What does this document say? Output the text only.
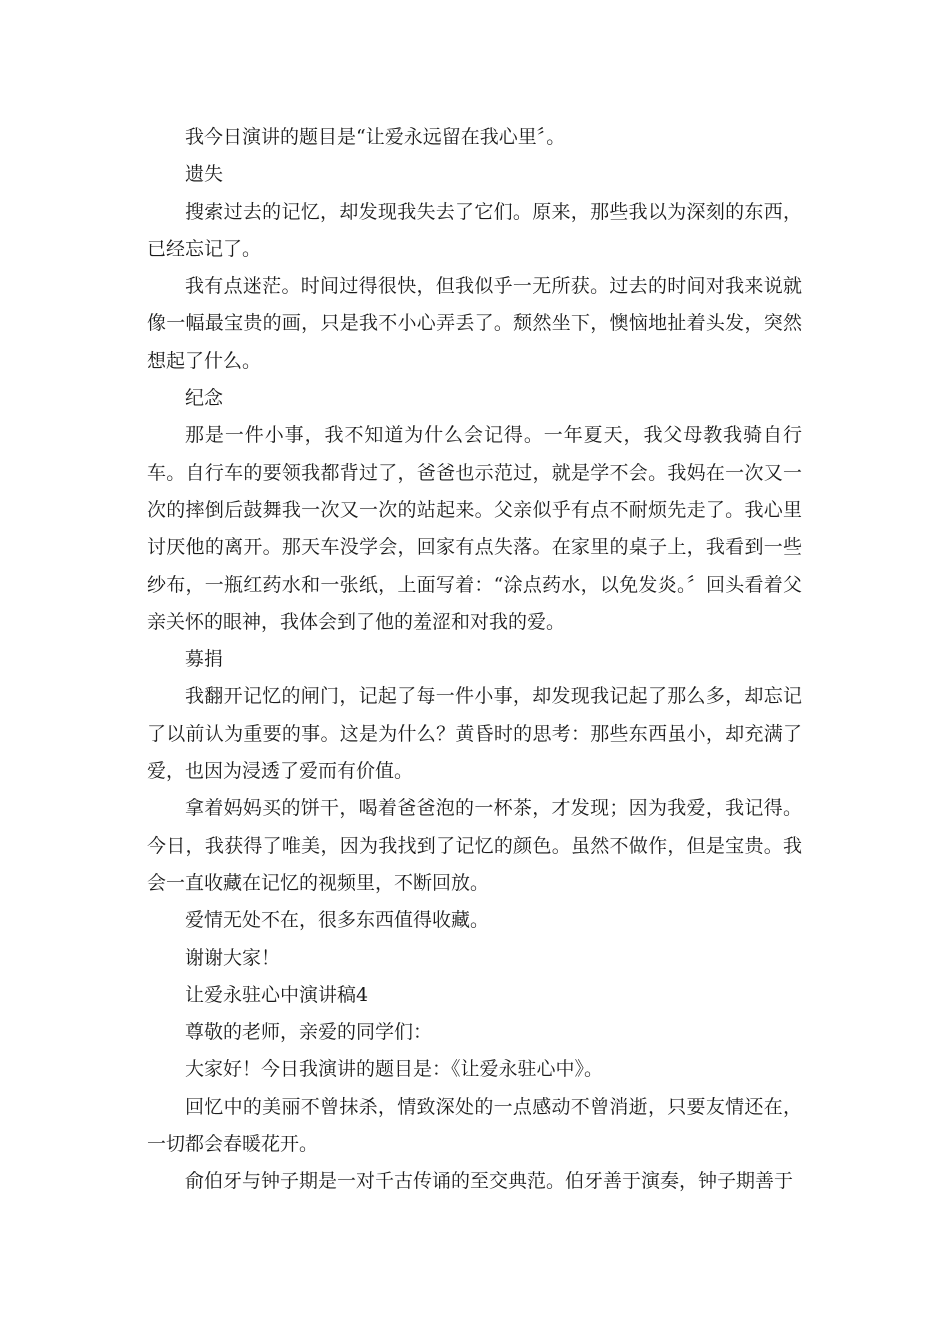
我今日演讲的题目是“让爱永远留在我心里〞。

遗失

搜索过去的记忆，却发现我失去了它们。原来，那些我以为深刻的东西，已经忘记了。

我有点迷茫。时间过得很快，但我似乎一无所获。过去的时间对我来说就像一幅最宝贵的画，只是我不小心弄丢了。颓然坐下，懊恼地扯着头发，突然想起了什么。

纪念

那是一件小事，我不知道为什么会记得。一年夏天，我父母教我骑自行车。自行车的要领我都背过了，爸爸也示范过，就是学不会。我妈在一次又一次的摔倒后鼓舞我一次又一次的站起来。父亲似乎有点不耐烦先走了。我心里讨厌他的离开。那天车没学会，回家有点失落。在家里的桌子上，我看到一些纱布，一瓶红药水和一张纸，上面写着：“涂点药水，以免发炎。〞回头看着父亲关怀的眼神，我体会到了他的羞涩和对我的爱。

募捐

我翻开记忆的闸门，记起了每一件小事，却发现我记起了那么多，却忘记了以前认为重要的事。这是为什么？黄昏时的思考：那些东西虽小，却充满了爱，也因为浸透了爱而有价值。

拿着妈妈买的饼干，喝着爸爸泡的一杯茶，才发现；因为我爱，我记得。今日，我获得了唯美，因为我找到了记忆的颜色。虽然不做作，但是宝贵。我会一直收藏在记忆的视频里，不断回放。

爱情无处不在，很多东西值得收藏。

谢谢大家！

让爱永驻心中演讲稿4

尊敬的老师，亲爱的同学们：

大家好！今日我演讲的题目是：《让爱永驻心中》。

回忆中的美丽不曾抹杀，情致深处的一点感动不曾消逝，只要友情还在，一切都会春暖花开。

俞伯牙与钟子期是一对千古传诵的至交典范。伯牙善于演奏，钟子期善于
